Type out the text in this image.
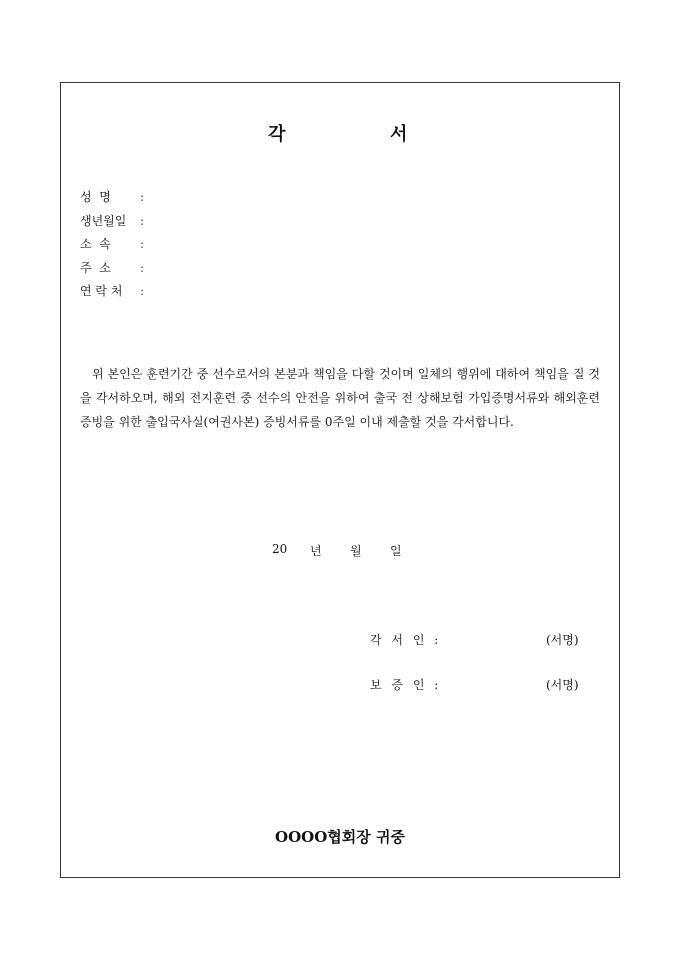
각	서
성  명 :
생년월일 :
소  속 :
주  소 :
연 락 처 :

위 본인은 훈련기간 중 선수로서의 본분과 책임을 다할 것이며 일체의 행위에 대하여 책임을 질 것을 각서하오며, 해외 전지훈련 중 선수의 안전을 위하여 출국 전 상해보험 가입증명서류와 해외훈련 증빙을 위한 출입국사실(여권사본) 증빙서류를 0주일 이내 제출할 것을 각서합니다.

20 년 월 일
각 서 인 :	(서명)
보 증 인 :	(서명)
OOOO협회장 귀중
